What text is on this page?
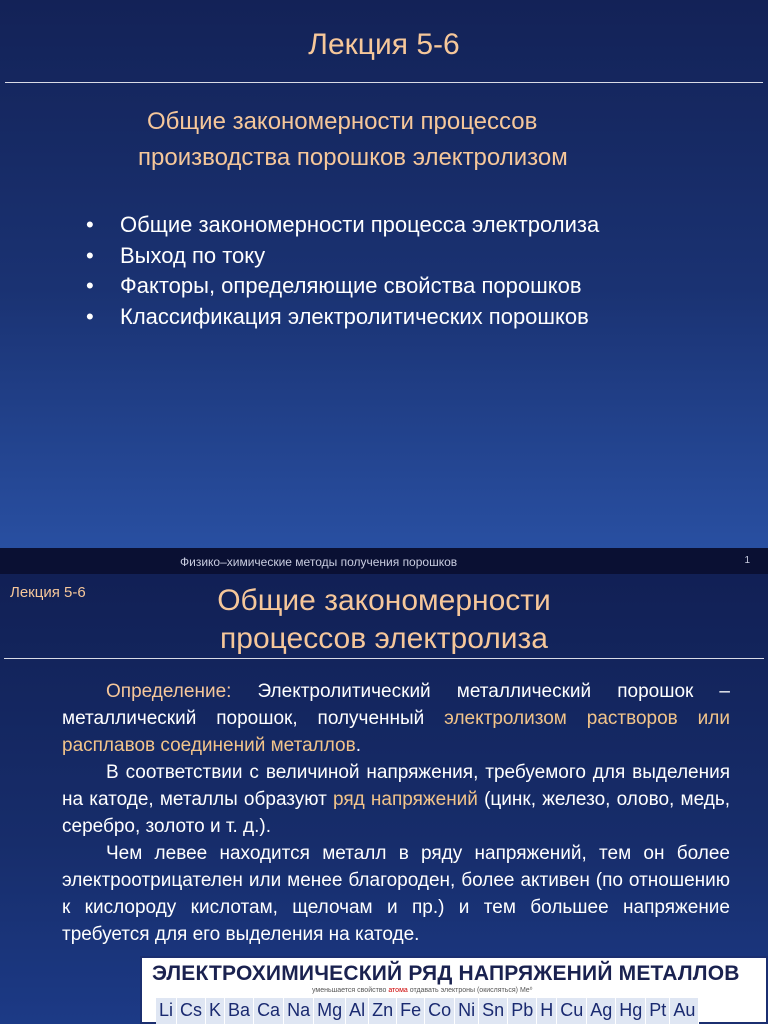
Лекция 5-6
Общие закономерности процессов
производства порошков электролизом
• Общие закономерности процесса электролиза
• Выход по току
• Факторы, определяющие свойства порошков
• Классификация электролитических порошков
Физико–химические методы получения порошков	1
Лекция 5-6	Общие закономерности
процессов электролиза

Определение: Электролитический металлический порошок – металлический порошок, полученный электролизом растворов или расплавов соединений металлов.

В соответствии с величиной напряжения, требуемого для выделения на катоде, металлы образуют ряд напряжений (цинк, железо, олово, медь, серебро, золото и т. д.).

Чем левее находится металл в ряду напряжений, тем он более электроотрицателен или менее благороден, более активен (по отношению к кислороду кислотам, щелочам и пр.) и тем большее напряжение требуется для его выделения на катоде.

ЭЛЕКТРОХИМИЧЕСКИЙ РЯД НАПРЯЖЕНИЙ МЕТАЛЛОВ
уменьшается свойство атома отдавать электроны (окисляться) Me⁰
Li Cs K Ba Ca Na Mg Al Zn Fe Co Ni Sn Pb H Cu Ag Hg Pt Au
